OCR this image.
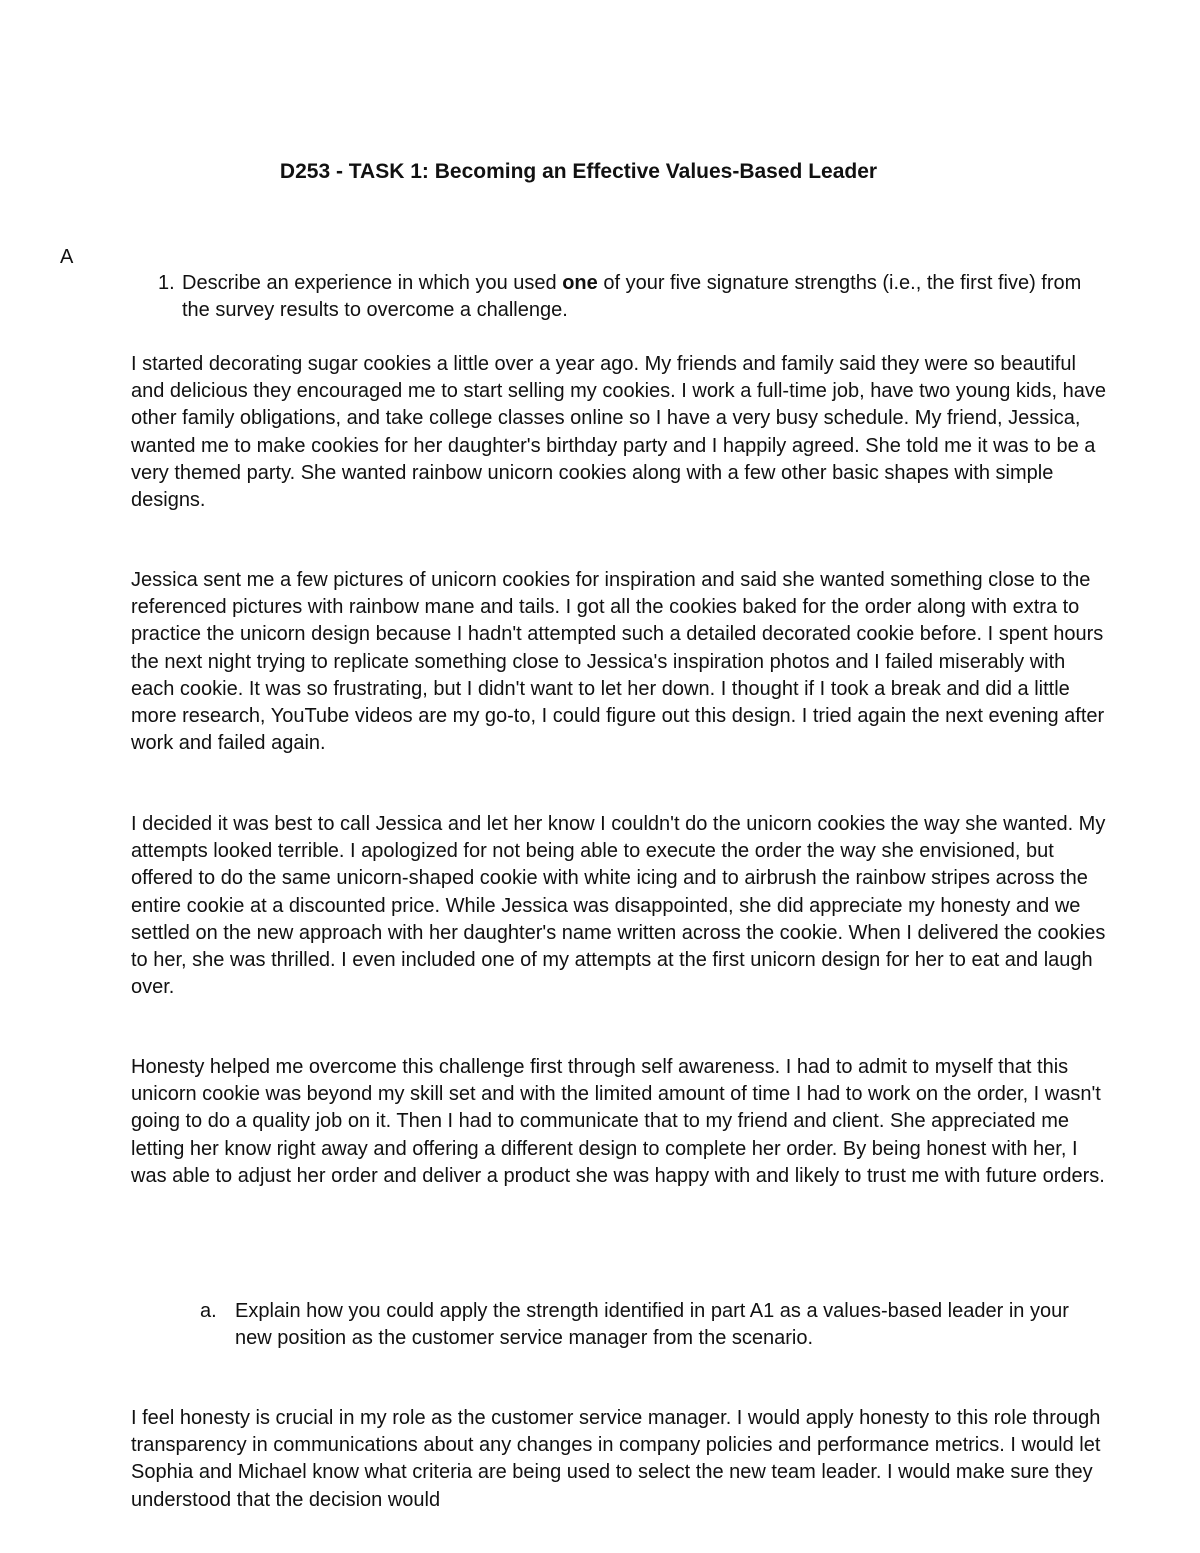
D253 - TASK 1: Becoming an Effective Values-Based Leader
A
1. Describe an experience in which you used one of your five signature strengths (i.e., the first five) from the survey results to overcome a challenge.

I started decorating sugar cookies a little over a year ago. My friends and family said they were so beautiful and delicious they encouraged me to start selling my cookies. I work a full-time job, have two young kids, have other family obligations, and take college classes online so I have a very busy schedule. My friend, Jessica, wanted me to make cookies for her daughter's birthday party and I happily agreed. She told me it was to be a very themed party. She wanted rainbow unicorn cookies along with a few other basic shapes with simple designs.

Jessica sent me a few pictures of unicorn cookies for inspiration and said she wanted something close to the referenced pictures with rainbow mane and tails. I got all the cookies baked for the order along with extra to practice the unicorn design because I hadn't attempted such a detailed decorated cookie before. I spent hours the next night trying to replicate something close to Jessica's inspiration photos and I failed miserably with each cookie. It was so frustrating, but I didn't want to let her down. I thought if I took a break and did a little more research, YouTube videos are my go-to, I could figure out this design. I tried again the next evening after work and failed again.

I decided it was best to call Jessica and let her know I couldn't do the unicorn cookies the way she wanted. My attempts looked terrible. I apologized for not being able to execute the order the way she envisioned, but offered to do the same unicorn-shaped cookie with white icing and to airbrush the rainbow stripes across the entire cookie at a discounted price. While Jessica was disappointed, she did appreciate my honesty and we settled on the new approach with her daughter's name written across the cookie. When I delivered the cookies to her, she was thrilled. I even included one of my attempts at the first unicorn design for her to eat and laugh over.

Honesty helped me overcome this challenge first through self awareness. I had to admit to myself that this unicorn cookie was beyond my skill set and with the limited amount of time I had to work on the order, I wasn't going to do a quality job on it. Then I had to communicate that to my friend and client. She appreciated me letting her know right away and offering a different design to complete her order. By being honest with her, I was able to adjust her order and deliver a product she was happy with and likely to trust me with future orders.

a. Explain how you could apply the strength identified in part A1 as a values-based leader in your new position as the customer service manager from the scenario.

I feel honesty is crucial in my role as the customer service manager. I would apply honesty to this role through transparency in communications about any changes in company policies and performance metrics. I would let Sophia and Michael know what criteria are being used to select the new team leader. I would make sure they understood that the decision would
